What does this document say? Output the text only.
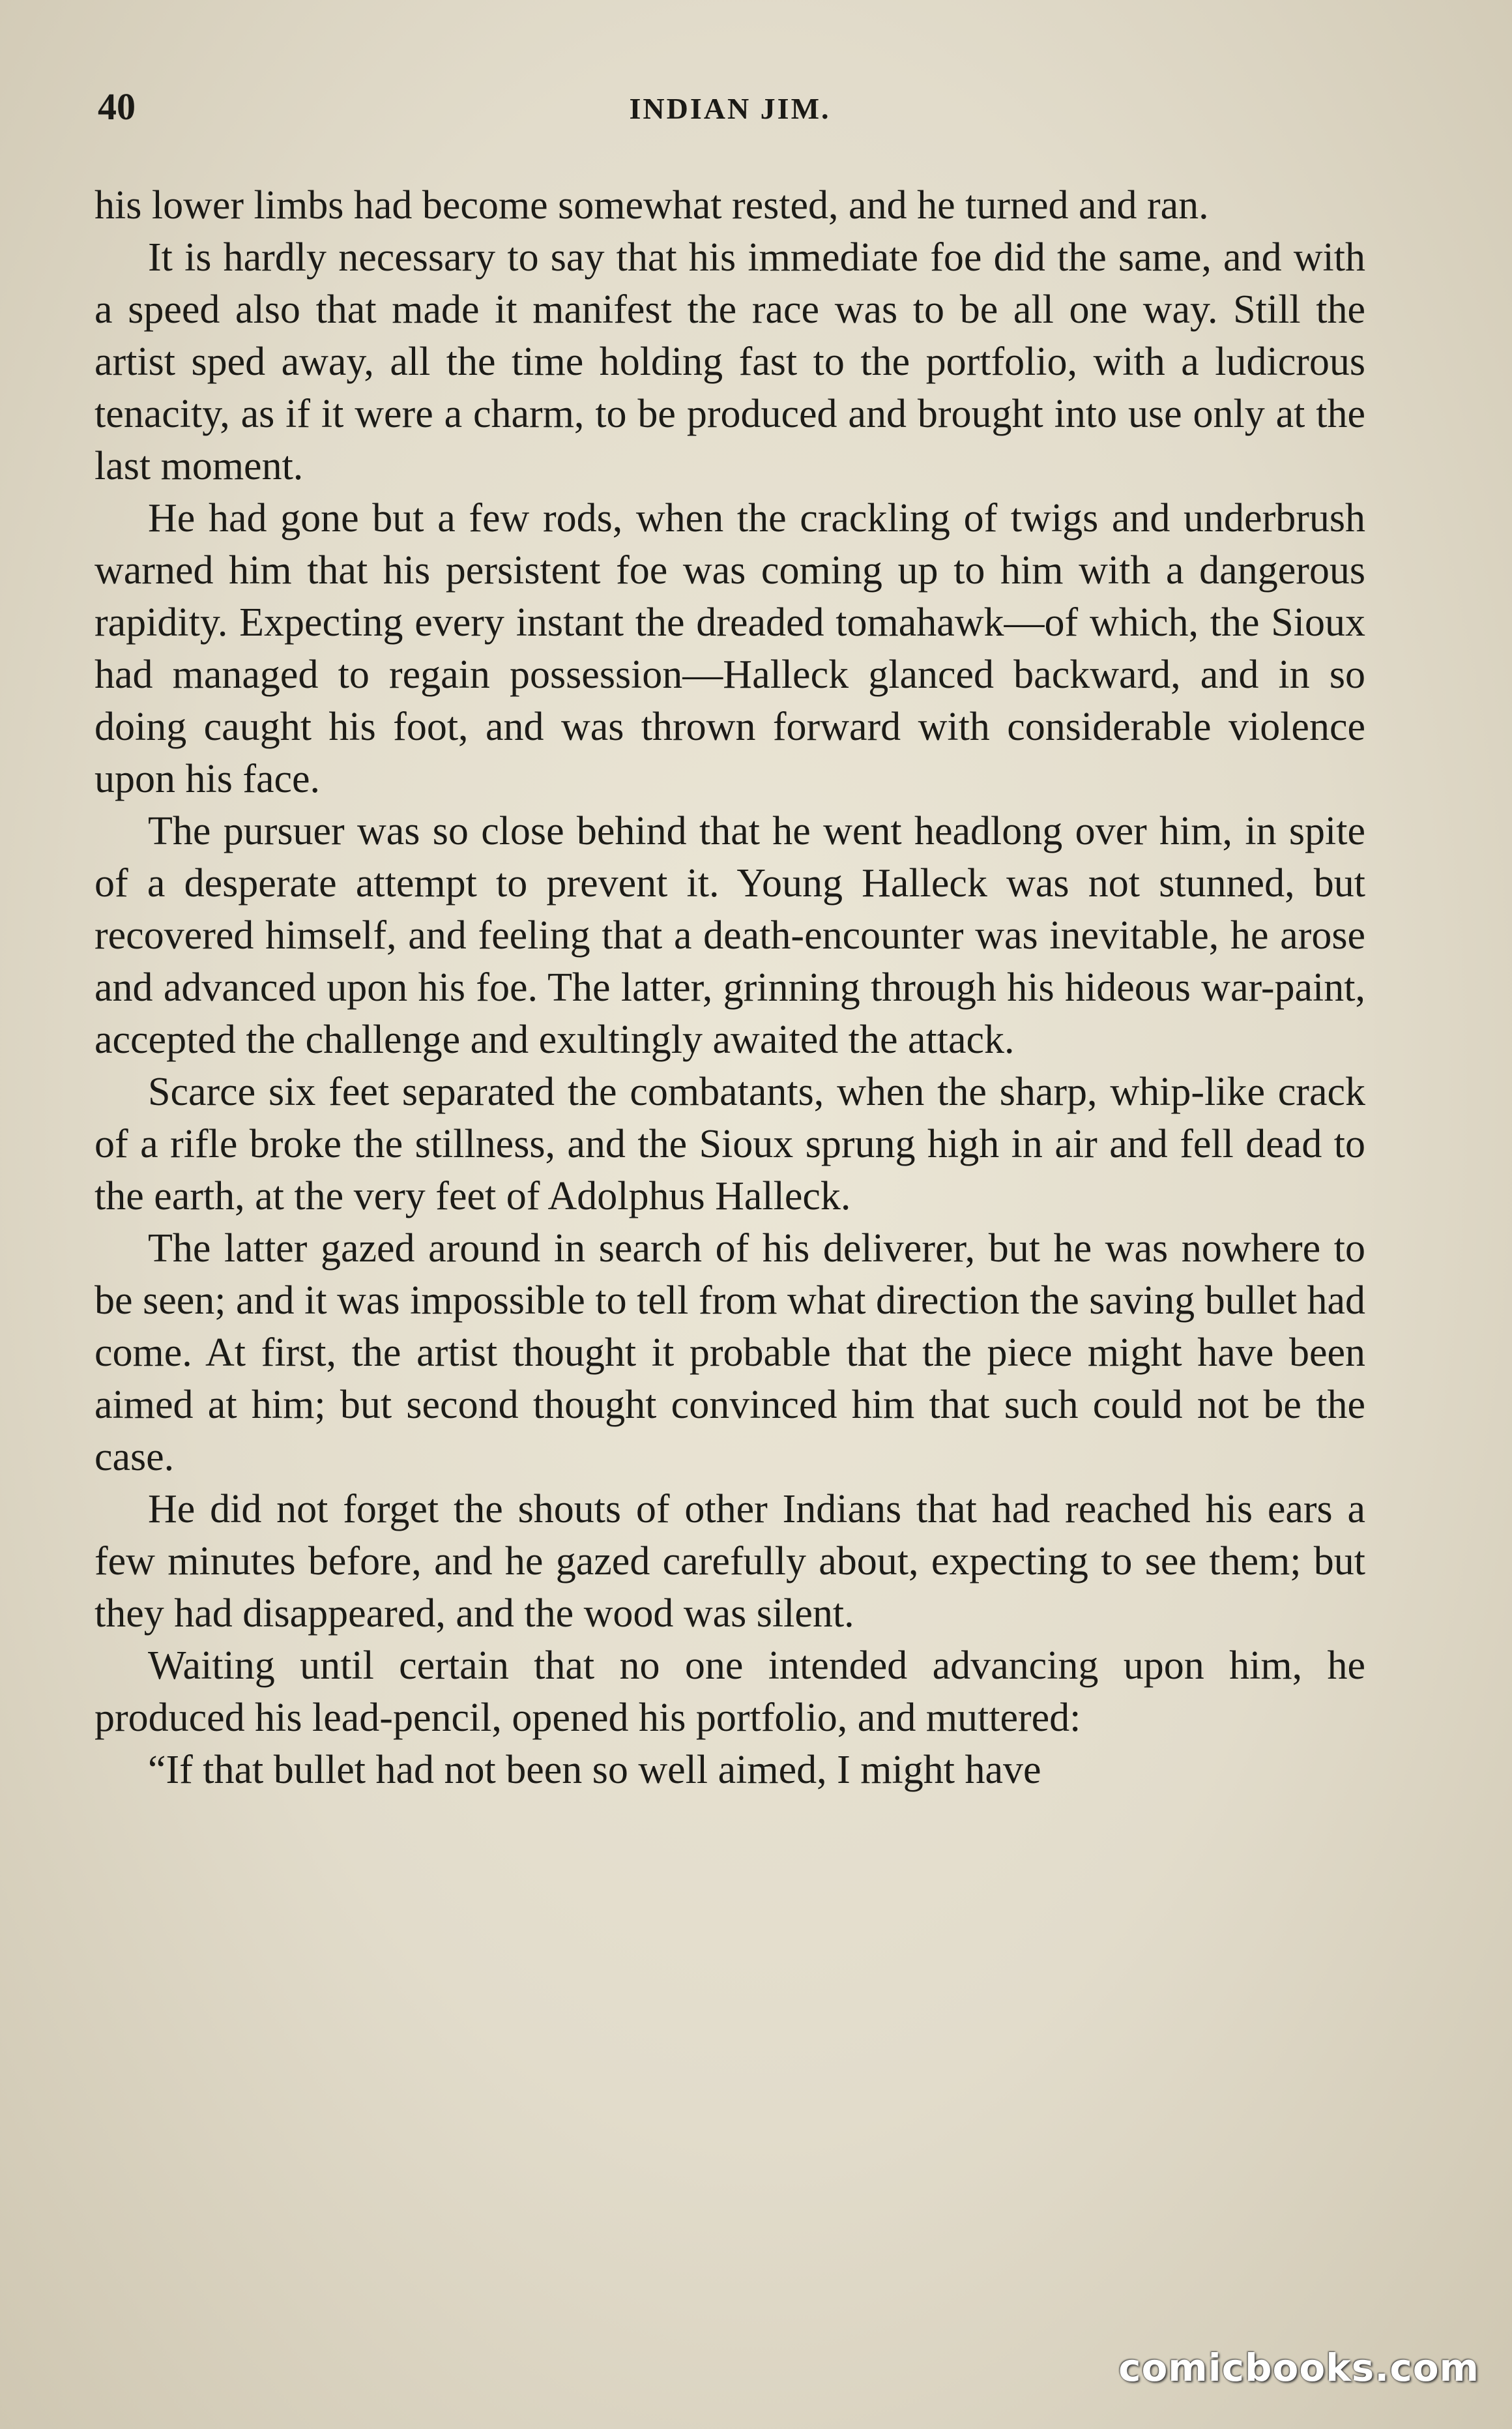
40	INDIAN JIM.

his lower limbs had become somewhat rested, and he turned and ran.

It is hardly necessary to say that his immediate foe did the same, and with a speed also that made it manifest the race was to be all one way. Still the artist sped away, all the time holding fast to the portfolio, with a ludicrous tenacity, as if it were a charm, to be produced and brought into use only at the last moment.

He had gone but a few rods, when the crackling of twigs and underbrush warned him that his persistent foe was coming up to him with a dangerous rapidity. Expecting every instant the dreaded tomahawk—of which, the Sioux had managed to regain possession—Halleck glanced backward, and in so doing caught his foot, and was thrown forward with considerable violence upon his face.

The pursuer was so close behind that he went headlong over him, in spite of a desperate attempt to prevent it. Young Halleck was not stunned, but recovered himself, and feeling that a death-encounter was inevitable, he arose and advanced upon his foe. The latter, grinning through his hideous war-paint, accepted the challenge and exultingly awaited the attack.

Scarce six feet separated the combatants, when the sharp, whip-like crack of a rifle broke the stillness, and the Sioux sprung high in air and fell dead to the earth, at the very feet of Adolphus Halleck.

The latter gazed around in search of his deliverer, but he was nowhere to be seen; and it was impossible to tell from what direction the saving bullet had come. At first, the artist thought it probable that the piece might have been aimed at him; but second thought convinced him that such could not be the case.

He did not forget the shouts of other Indians that had reached his ears a few minutes before, and he gazed carefully about, expecting to see them; but they had disappeared, and the wood was silent.

Waiting until certain that no one intended advancing upon him, he produced his lead-pencil, opened his portfolio, and muttered:

“If that bullet had not been so well aimed, I might have

comicbooks.com
